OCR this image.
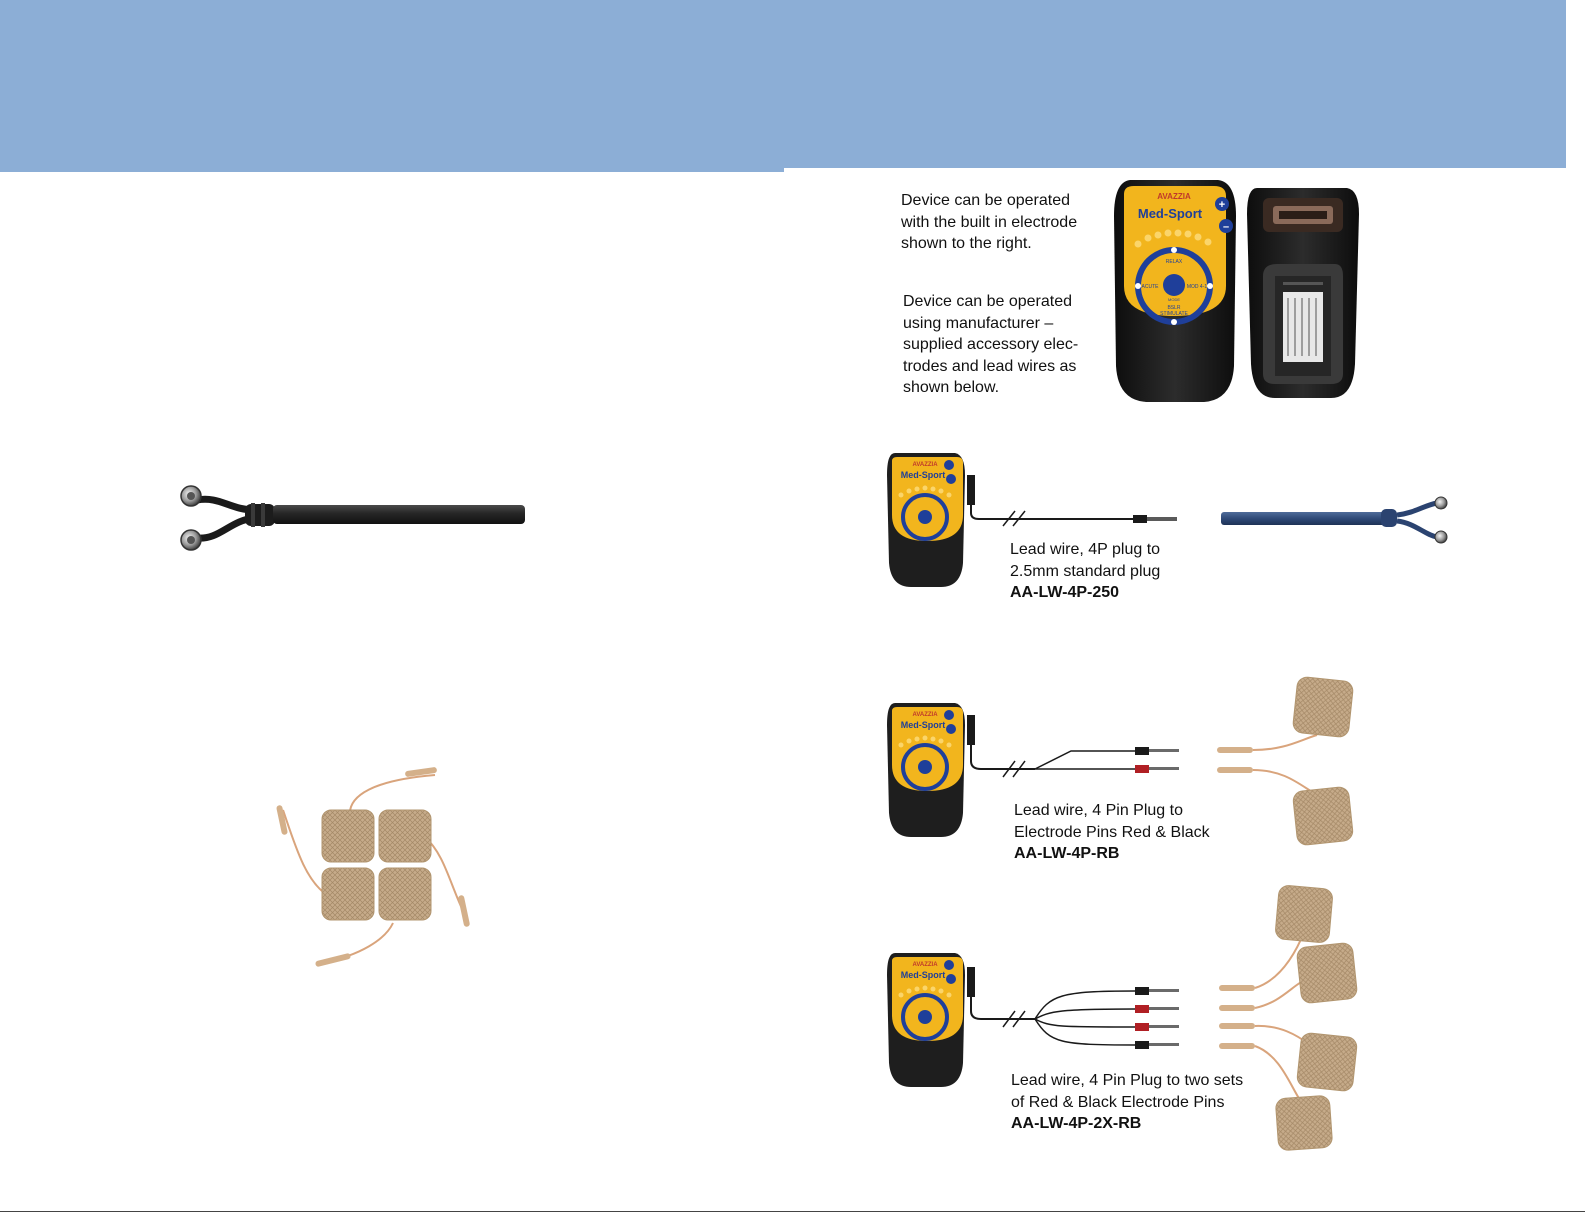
Device can be operated
with the built in electrode
shown to the right.
Device can be operated
using manufacturer –
supplied accessory elec-
trodes and lead wires as
shown below.
AVAZZIA
Med-Sport
+
–
RELAX
ACUTE	MOD 4-1
MODE
BSLR
STIMULATE
AVAZZIA
Med-Sport
Lead wire, 4P plug to
2.5mm standard plug
AA-LW-4P-250
AVAZZIA
Med-Sport
Lead wire, 4 Pin Plug to
Electrode Pins Red & Black
AA-LW-4P-RB
AVAZZIA
Med-Sport
Lead wire, 4 Pin Plug to two sets
of Red & Black Electrode Pins
AA-LW-4P-2X-RB
